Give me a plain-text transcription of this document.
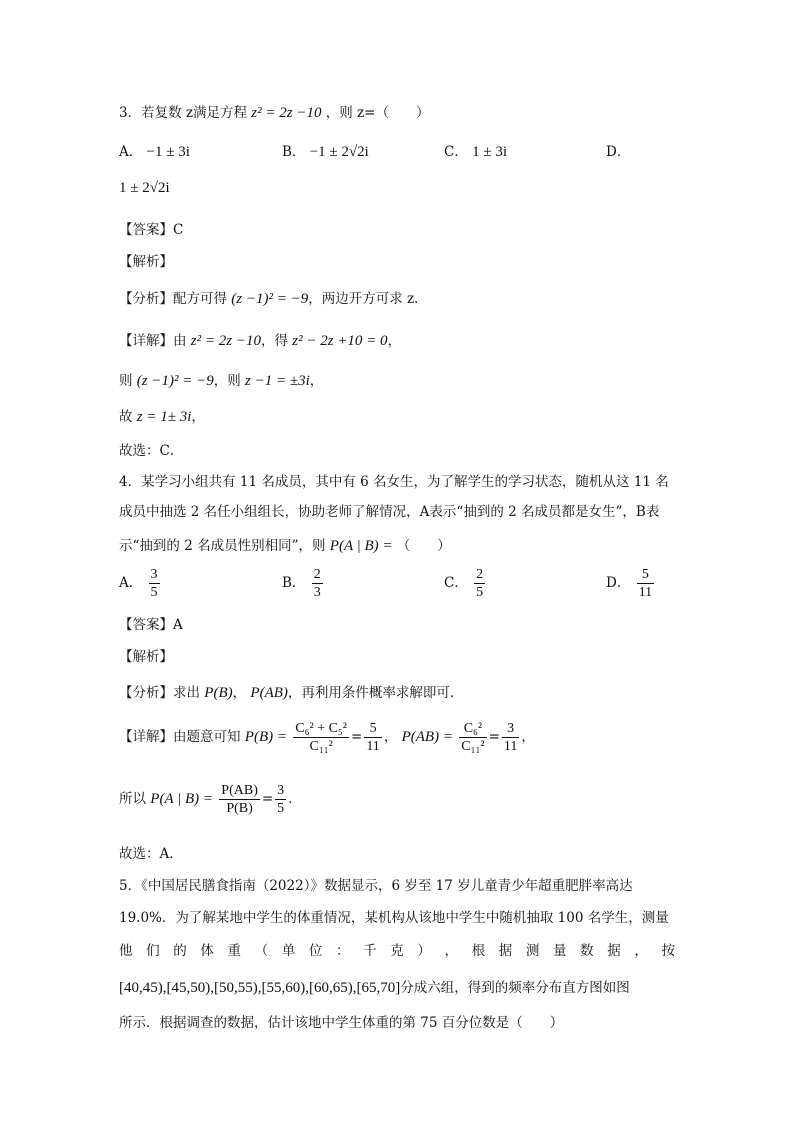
3．若复数 z满足方程 z² = 2z −10 ，则 z=（　　）
A． −1 ± 3i	B． −1 ± 2√2i	C． 1 ± 3i	D．
1 ± 2√2i
【答案】C
【解析】
【分析】配方可得 (z −1)² = −9，两边开方可求 z．
【详解】由 z² = 2z −10，得 z² − 2z +10 = 0，
则 (z −1)² = −9，则 z −1 = ±3i，
故 z = 1± 3i，
故选：C．
4．某学习小组共有 11 名成员，其中有 6 名女生，为了解学生的学习状态，随机从这 11 名
成员中抽选 2 名任小组组长，协助老师了解情况，A表示“抽到的 2 名成员都是女生”，B表
示“抽到的 2 名成员性别相同”，则 P(A | B) = （　　）
A． $\frac{3}{5}$	B． $\frac{2}{3}$	C． $\frac{2}{5}$	D． $\frac{5}{11}$
【答案】A
【解析】
【分析】求出 P(B)， P(AB)，再利用条件概率求解即可．
【详解】由题意可知 $P(B) = \frac{\text{C₆² + C₅²}}{\text{C₁₁²}} = \frac{5}{11}$ ， $P(AB) = \frac{\text{C₆²}}{\text{C₁₁²}} = \frac{3}{11}$ ，
所以 P(A | $B) = \frac{P(AB)}{P(B)} = \frac{3}{5}$ ．
故选：A．
5．《中国居民膳食指南（2022）》数据显示，6 岁至 17 岁儿童青少年超重肥胖率高达
19.0%．为了解某地中学生的体重情况，某机构从该地中学生中随机抽取 100 名学生，测量
他 们 的 体 重 （ 单 位 ： 千 克 ） ， 根 据 测 量 数 据 ， 按
[40,45),[45,50),[50,55),[55,60),[60,65),[65,70]分成六组，得到的频率分布直方图如图
所示．根据调查的数据，估计该地中学生体重的第 75 百分位数是（　　）
